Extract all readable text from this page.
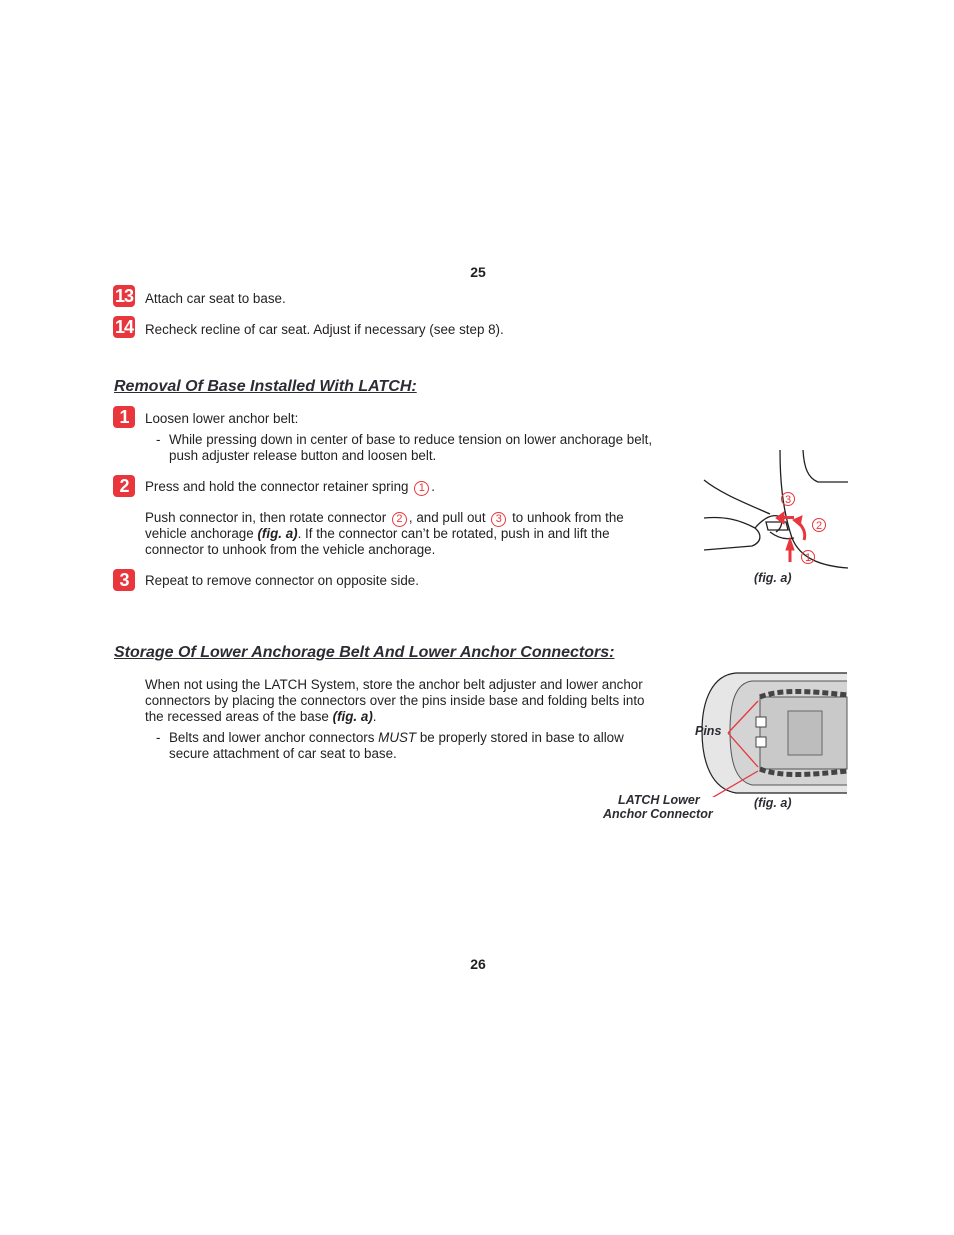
25
13 Attach car seat to base.
14 Recheck recline of car seat. Adjust if necessary (see step 8).
Removal Of Base Installed With LATCH:
1	Loosen lower anchor belt:
- While pressing down in center of base to reduce tension on lower anchorage belt,
push adjuster release button and loosen belt.
2	Press and hold the connector retainer spring 1 .
Push connector in, then rotate connector 2 , and pull out 3 to unhook from the
vehicle anchorage (fig. a). If the connector can’t be rotated, push in and lift the
connector to unhook from the vehicle anchorage.
3	Repeat to remove connector on opposite side.
3
2
1
(fig. a)
Storage Of Lower Anchorage Belt And Lower Anchor Connectors:
When not using the LATCH System, store the anchor belt adjuster and lower anchor
connectors by placing the connectors over the pins inside base and folding belts into
the recessed areas of the base (fig. a).
- Belts and lower anchor connectors MUST be properly stored in base to allow
secure attachment of car seat to base.
Pins
LATCH Lower
Anchor Connector
(fig. a)
26
